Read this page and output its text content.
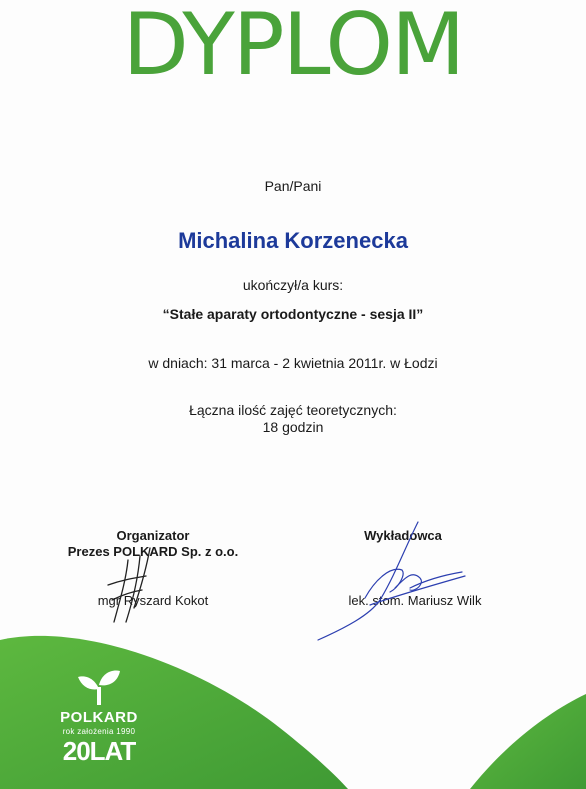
DYPLOM
Pan/Pani
Michalina Korzenecka
ukończył/a kurs:
“Stałe aparaty ortodontyczne - sesja II”
w dniach: 31 marca - 2 kwietnia 2011r. w Łodzi
Łączna ilość zajęć teoretycznych:
18 godzin
Organizator
Prezes POLKARD Sp. z o.o.
mgr Ryszard Kokot
Wykładowca
lek. stom. Mariusz Wilk
POLKARD
rok założenia 1990
20LAT
